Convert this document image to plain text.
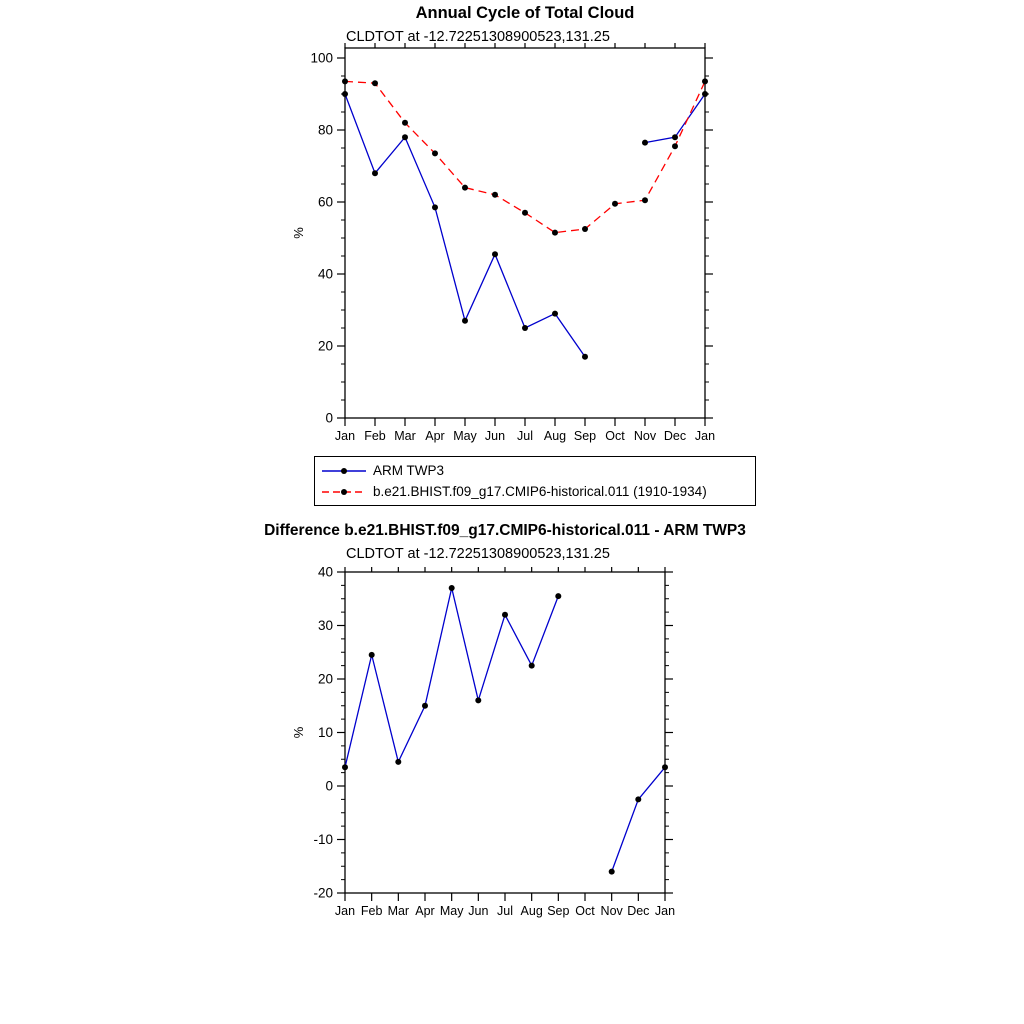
0
20
40
60
80
100
Jan Feb Mar Apr May Jun Jul Aug Sep Oct Nov Dec Jan
%
-20
-10
0
10
20
30
40
Jan Feb Mar Apr May Jun Jul Aug Sep Oct Nov Dec Jan
%
Annual Cycle of Total Cloud
CLDTOT at -12.72251308900523,131.25
ARM TWP3
b.e21.BHIST.f09_g17.CMIP6-historical.011 (1910-1934)
Difference b.e21.BHIST.f09_g17.CMIP6-historical.011 - ARM TWP3
CLDTOT at -12.72251308900523,131.25
